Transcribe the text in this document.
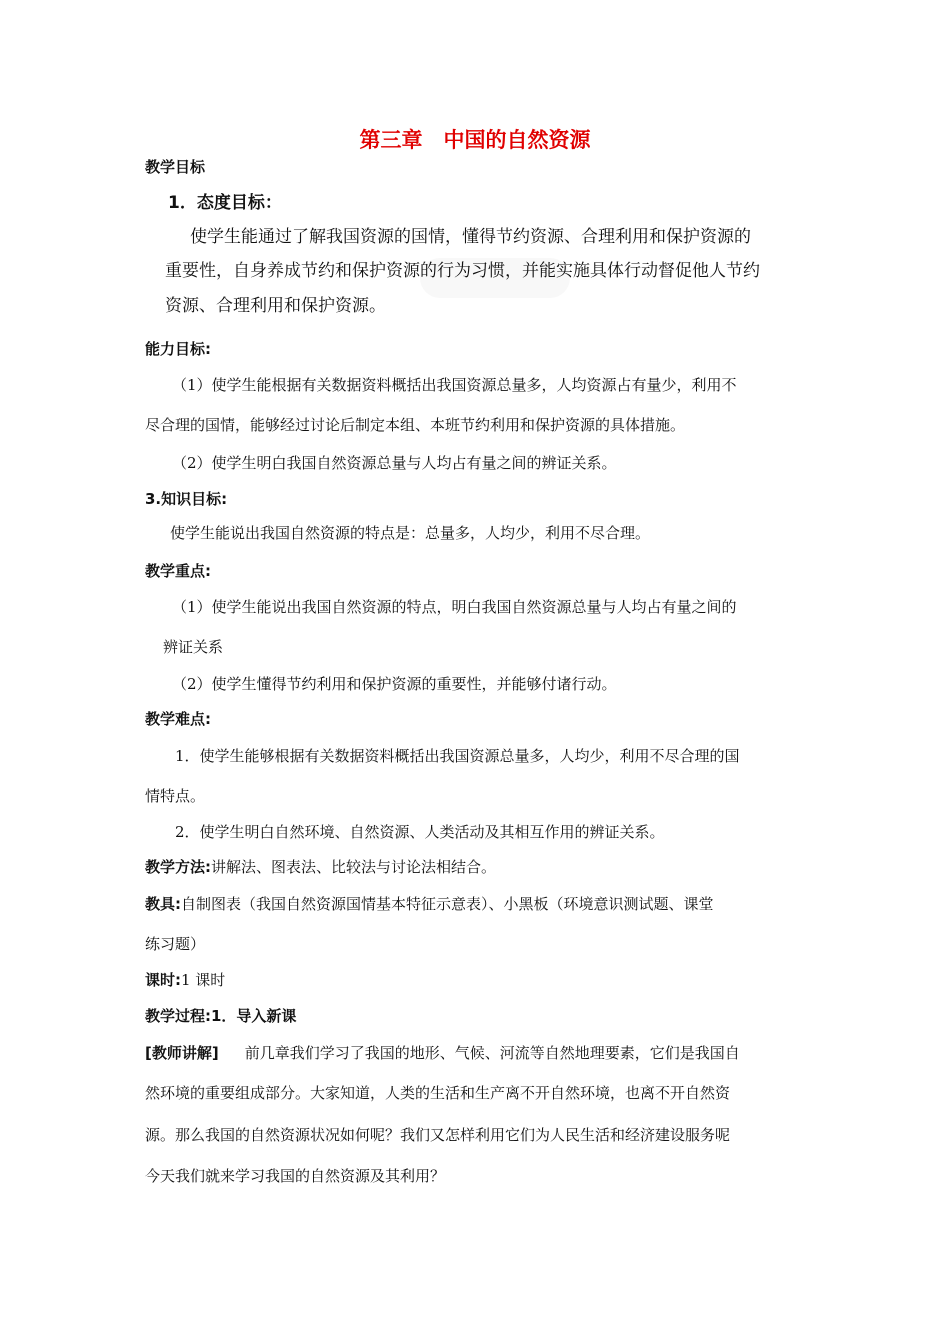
第三章　中国的自然资源
教学目标
1．态度目标：
使学生能通过了解我国资源的国情，懂得节约资源、合理利用和保护资源的
重要性，自身养成节约和保护资源的行为习惯，并能实施具体行动督促他人节约
资源、合理利用和保护资源。
能力目标:
（1）使学生能根据有关数据资料概括出我国资源总量多，人均资源占有量少，利用不
尽合理的国情，能够经过讨论后制定本组、本班节约利用和保护资源的具体措施。
（2）使学生明白我国自然资源总量与人均占有量之间的辨证关系。
3.知识目标:
使学生能说出我国自然资源的特点是：总量多，人均少，利用不尽合理。
教学重点:
（1）使学生能说出我国自然资源的特点，明白我国自然资源总量与人均占有量之间的
辨证关系
（2）使学生懂得节约利用和保护资源的重要性，并能够付诸行动。
教学难点:
1．使学生能够根据有关数据资料概括出我国资源总量多，人均少，利用不尽合理的国
情特点。
2．使学生明白自然环境、自然资源、人类活动及其相互作用的辨证关系。
教学方法:讲解法、图表法、比较法与讨论法相结合。
教具:自制图表（我国自然资源国情基本特征示意表）、小黑板（环境意识测试题、课堂
练习题）
课时:1 课时
教学过程:1．导入新课
[教师讲解] 前几章我们学习了我国的地形、气候、河流等自然地理要素，它们是我国自
然环境的重要组成部分。大家知道，人类的生活和生产离不开自然环境，也离不开自然资
源。那么我国的自然资源状况如何呢？我们又怎样利用它们为人民生活和经济建设服务呢
今天我们就来学习我国的自然资源及其利用？
